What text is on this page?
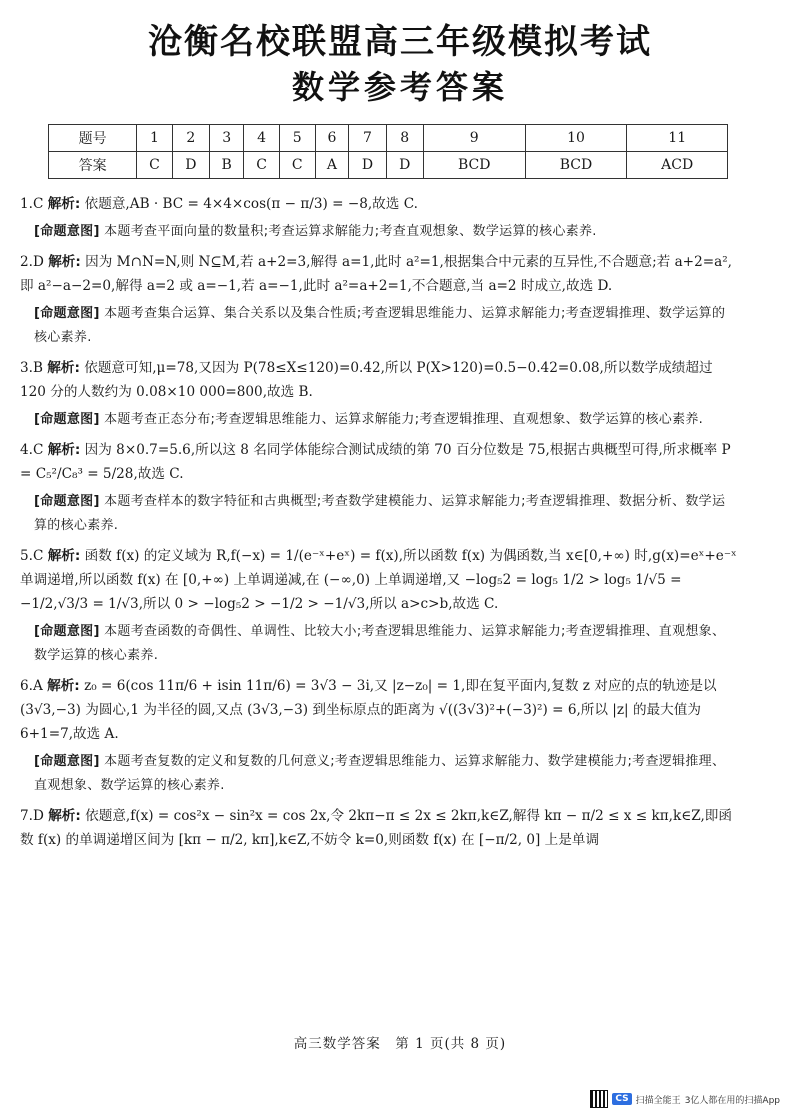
沧衡名校联盟高三年级模拟考试
数学参考答案
题号	1	2	3	4	5	6	7	8	9	10	11
答案	C	D	B	C	C	A	D	D	BCD	BCD	ACD

1.C 解析: 依题意,AB · BC = 4×4×cos(π − π/3) = −8,故选 C.

[命题意图] 本题考查平面向量的数量积;考查运算求解能力;考查直观想象、数学运算的核心素养.

2.D 解析: 因为 M∩N=N,则 N⊆M,若 a+2=3,解得 a=1,此时 a²=1,根据集合中元素的互异性,不合题意;若 a+2=a²,即 a²−a−2=0,解得 a=2 或 a=−1,若 a=−1,此时 a²=a+2=1,不合题意,当 a=2 时成立,故选 D.

[命题意图] 本题考查集合运算、集合关系以及集合性质;考查逻辑思维能力、运算求解能力;考查逻辑推理、数学运算的核心素养.

3.B 解析: 依题意可知,μ=78,又因为 P(78≤X≤120)=0.42,所以 P(X>120)=0.5−0.42=0.08,所以数学成绩超过 120 分的人数约为 0.08×10 000=800,故选 B.

[命题意图] 本题考查正态分布;考查逻辑思维能力、运算求解能力;考查逻辑推理、直观想象、数学运算的核心素养.

4.C 解析: 因为 8×0.7=5.6,所以这 8 名同学体能综合测试成绩的第 70 百分位数是 75,根据古典概型可得,所求概率 P = C₅²/C₈³ = 5/28,故选 C.

[命题意图] 本题考查样本的数字特征和古典概型;考查数学建模能力、运算求解能力;考查逻辑推理、数据分析、数学运算的核心素养.

5.C 解析: 函数 f(x) 的定义域为 R,f(−x) = 1/(e⁻ˣ+eˣ) = f(x),所以函数 f(x) 为偶函数,当 x∈[0,+∞) 时,g(x)=eˣ+e⁻ˣ 单调递增,所以函数 f(x) 在 [0,+∞) 上单调递减,在 (−∞,0) 上单调递增,又 −log₅2 = log₅ 1/2 > log₅ 1/√5 = −1/2,√3/3 = 1/√3,所以 0 > −log₅2 > −1/2 > −1/√3,所以 a>c>b,故选 C.

[命题意图] 本题考查函数的奇偶性、单调性、比较大小;考查逻辑思维能力、运算求解能力;考查逻辑推理、直观想象、数学运算的核心素养.

6.A 解析: z₀ = 6(cos 11π/6 + isin 11π/6) = 3√3 − 3i,又 |z−z₀| = 1,即在复平面内,复数 z 对应的点的轨迹是以 (3√3,−3) 为圆心,1 为半径的圆,又点 (3√3,−3) 到坐标原点的距离为 √((3√3)²+(−3)²) = 6,所以 |z| 的最大值为 6+1=7,故选 A.

[命题意图] 本题考查复数的定义和复数的几何意义;考查逻辑思维能力、运算求解能力、数学建模能力;考查逻辑推理、直观想象、数学运算的核心素养.

7.D 解析: 依题意,f(x) = cos²x − sin²x = cos 2x,令 2kπ−π ≤ 2x ≤ 2kπ,k∈Z,解得 kπ − π/2 ≤ x ≤ kπ,k∈Z,即函数 f(x) 的单调递增区间为 [kπ − π/2, kπ],k∈Z,不妨令 k=0,则函数 f(x) 在 [−π/2, 0] 上是单调

高三数学答案　第 1 页(共 8 页)
CS 扫描全能王 3亿人都在用的扫描App
